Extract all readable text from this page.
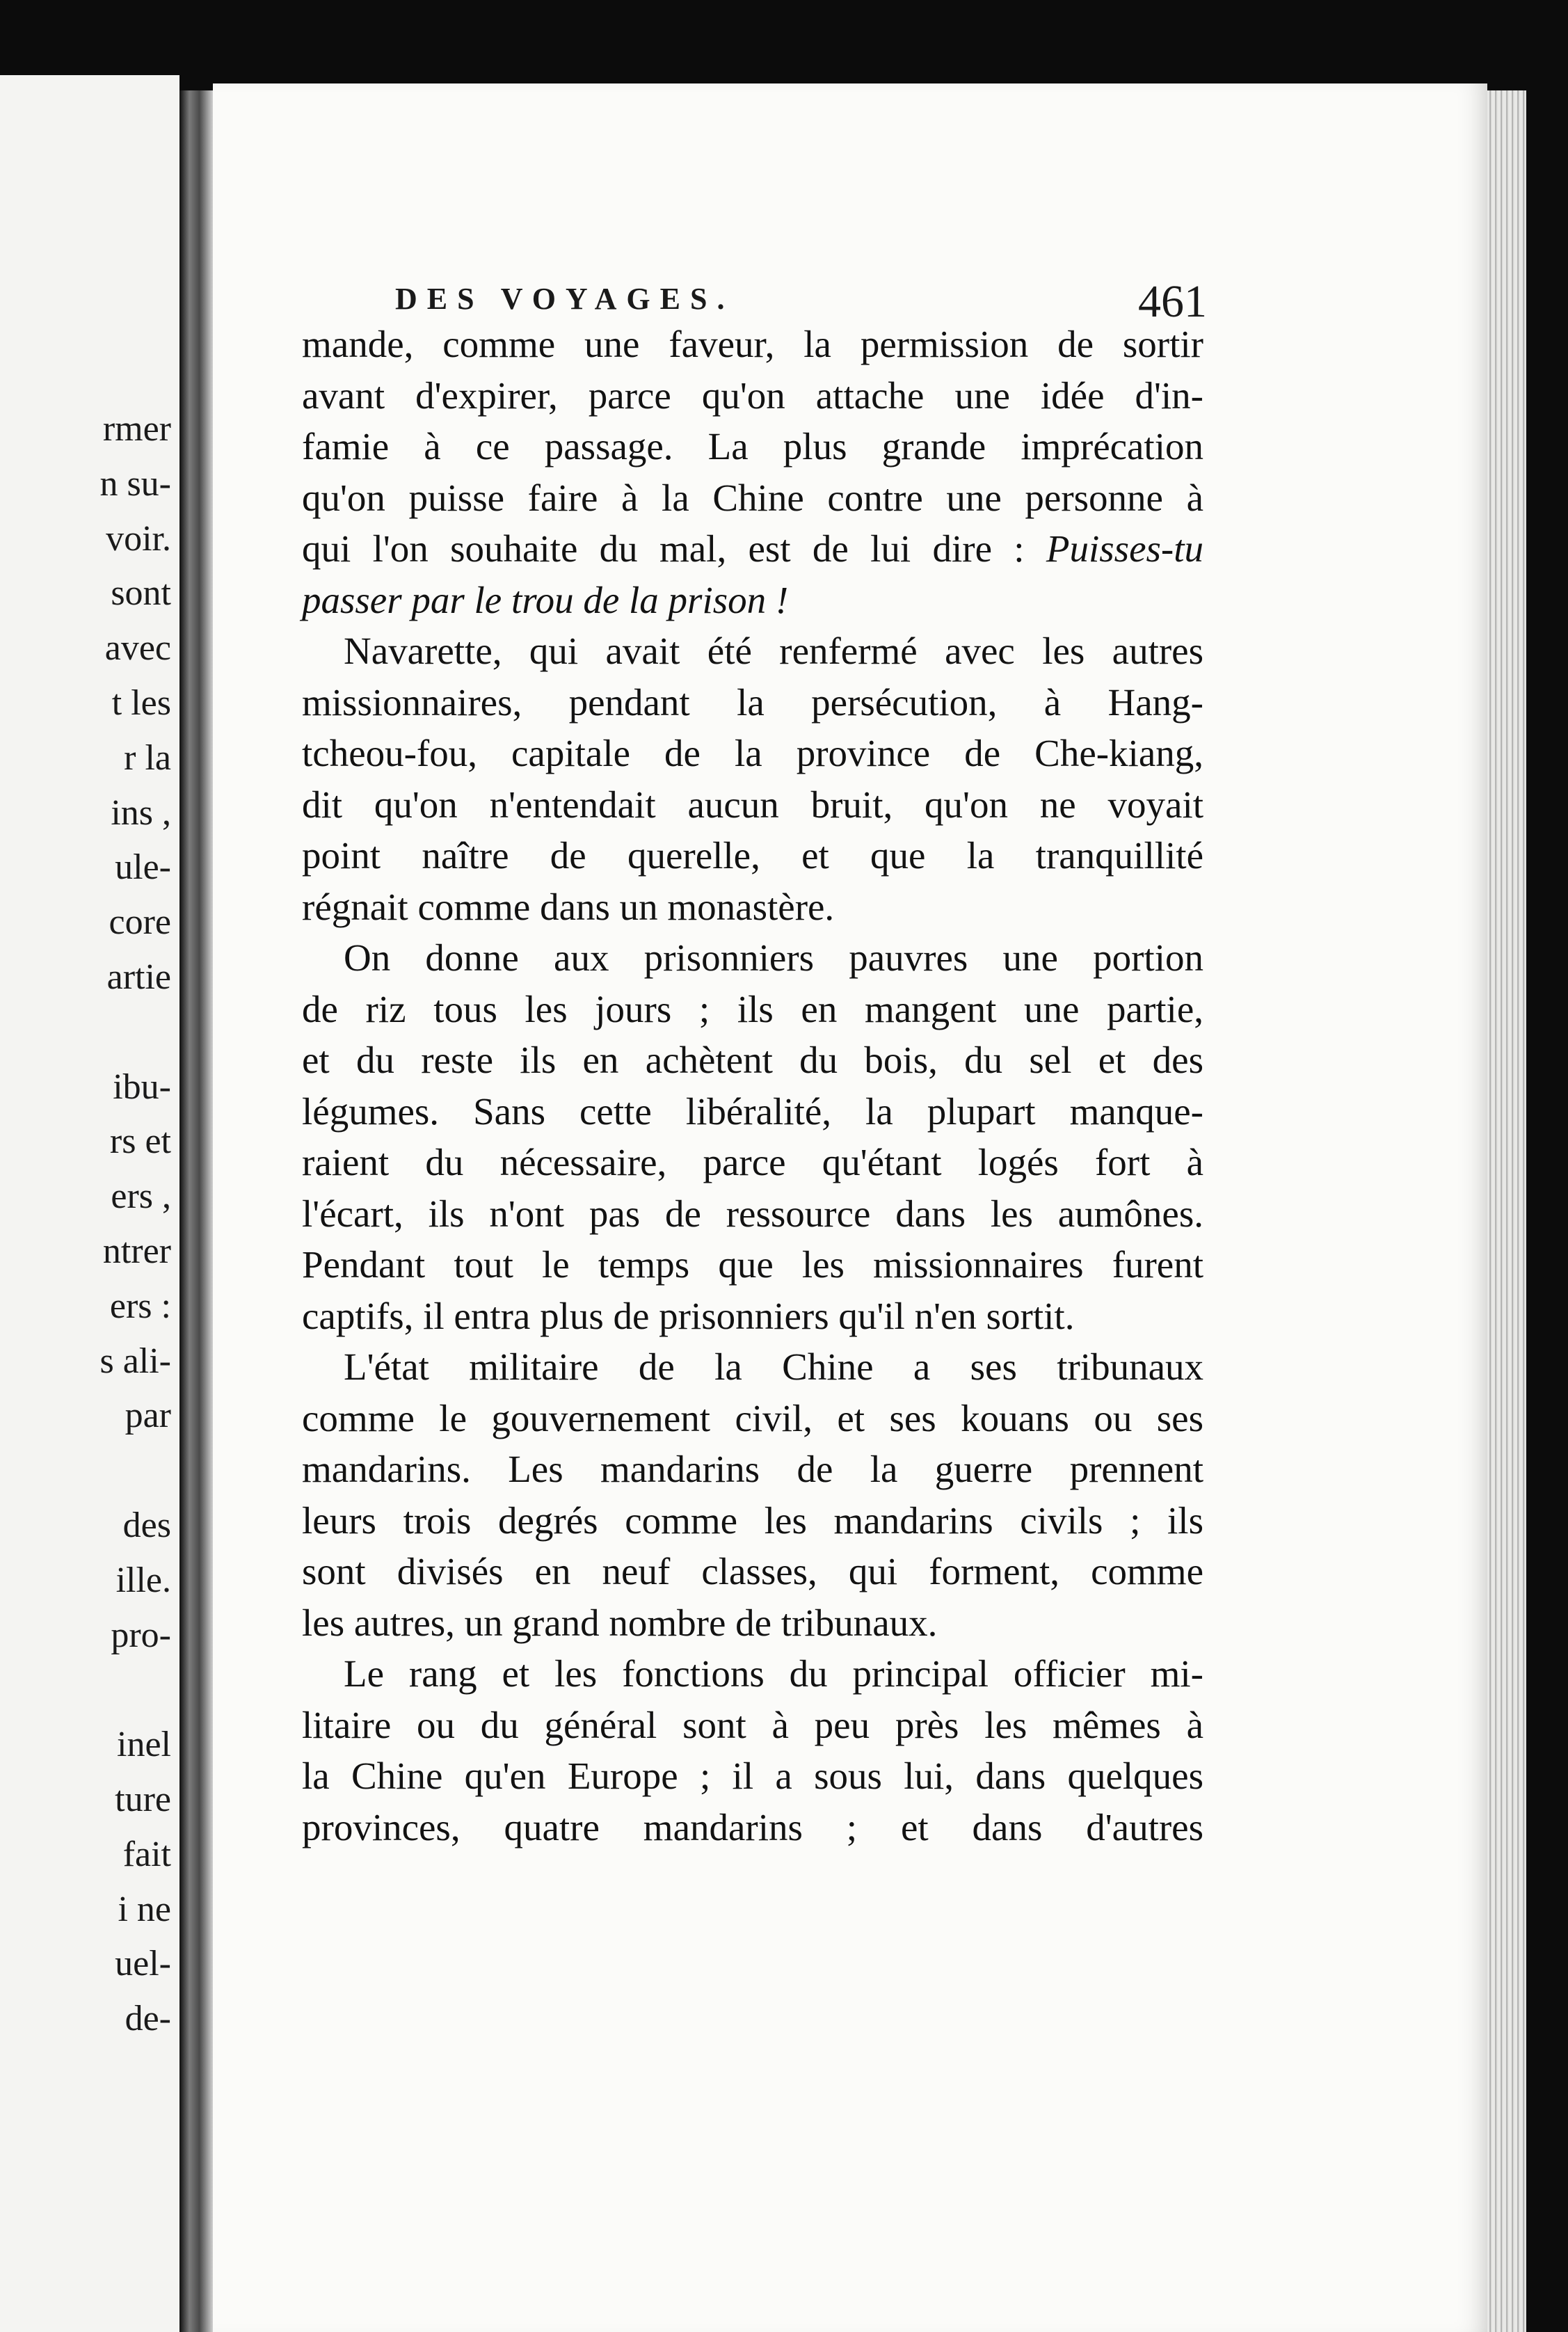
rmer
n su-
voir.
sont
avec
t les
r la
ins ,
ule-
core
artie
ibu-
rs et
ers ,
ntrer
ers :
s ali-
par
des
ille.
pro-
inel
ture
fait
i ne
uel-
de-
DES VOYAGES.	461
mande, comme une faveur, la permission de sortir
avant d'expirer, parce qu'on attache une idée d'in-
famie à ce passage. La plus grande imprécation
qu'on puisse faire à la Chine contre une personne à
qui l'on souhaite du mal, est de lui dire : Puisses-tu
passer par le trou de la prison !
Navarette, qui avait été renfermé avec les autres
missionnaires, pendant la persécution, à Hang-
tcheou-fou, capitale de la province de Che-kiang,
dit qu'on n'entendait aucun bruit, qu'on ne voyait
point naître de querelle, et que la tranquillité
régnait comme dans un monastère.
On donne aux prisonniers pauvres une portion
de riz tous les jours ; ils en mangent une partie,
et du reste ils en achètent du bois, du sel et des
légumes. Sans cette libéralité, la plupart manque-
raient du nécessaire, parce qu'étant logés fort à
l'écart, ils n'ont pas de ressource dans les aumônes.
Pendant tout le temps que les missionnaires furent
captifs, il entra plus de prisonniers qu'il n'en sortit.
L'état militaire de la Chine a ses tribunaux
comme le gouvernement civil, et ses kouans ou ses
mandarins. Les mandarins de la guerre prennent
leurs trois degrés comme les mandarins civils ; ils
sont divisés en neuf classes, qui forment, comme
les autres, un grand nombre de tribunaux.
Le rang et les fonctions du principal officier mi-
litaire ou du général sont à peu près les mêmes à
la Chine qu'en Europe ; il a sous lui, dans quelques
provinces, quatre mandarins ; et dans d'autres
